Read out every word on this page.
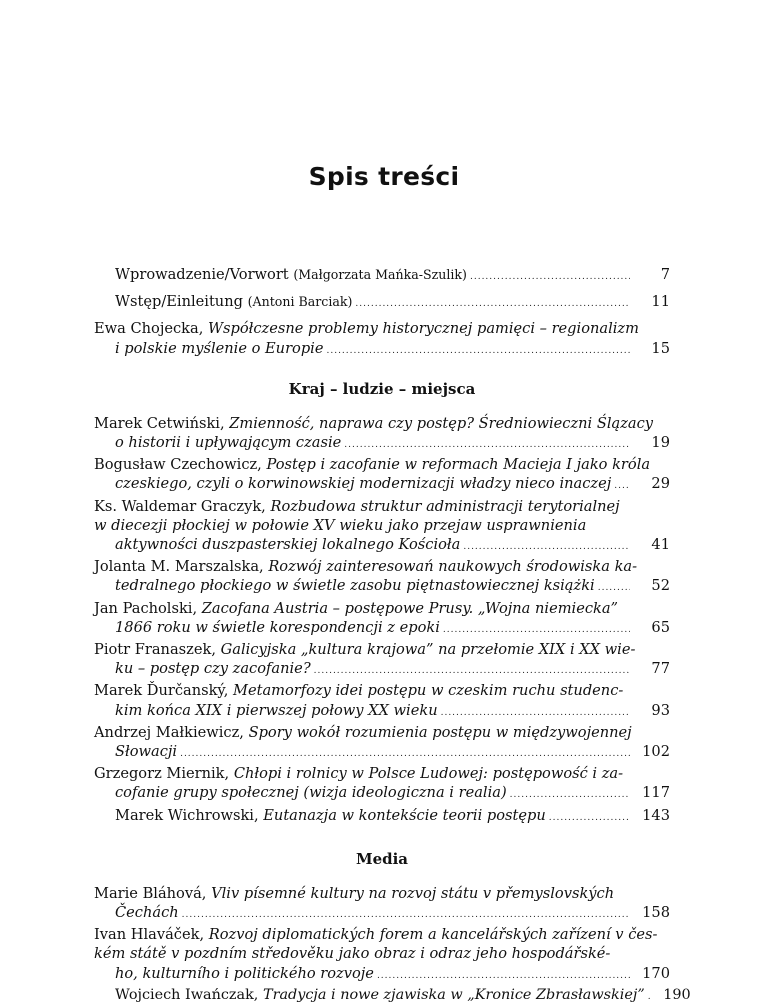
Spis treści
Wprowadzenie/Vorwort (Małgorzata Mańka-Szulik) .....	7
Wstęp/Einleitung (Antoni Barciak) .....	11
Ewa Chojecka, Współczesne problemy historycznej pamięci – regionalizm
i polskie myślenie o Europie .....	15
Kraj – ludzie – miejsca
Marek Cetwiński, Zmienność, naprawa czy postęp? Średniowieczni Ślązacy
o historii i upływającym czasie .....	19
Bogusław Czechowicz, Postęp i zacofanie w reformach Macieja I jako króla
czeskiego, czyli o korwinowskiej modernizacji władzy nieco inaczej .....	29
Ks. Waldemar Graczyk, Rozbudowa struktur administracji terytorialnej
w diecezji płockiej w połowie XV wieku jako przejaw usprawnienia
aktywności duszpasterskiej lokalnego Kościoła .....	41
Jolanta M. Marszalska, Rozwój zainteresowań naukowych środowiska ka-
tedralnego płockiego w świetle zasobu piętnastowiecznej książki .....	52
Jan Pacholski, Zacofana Austria – postępowe Prusy. „Wojna niemiecka”
1866 roku w świetle korespondencji z epoki .....	65
Piotr Franaszek, Galicyjska „kultura krajowa” na przełomie XIX i XX wie-
ku – postęp czy zacofanie? .....	77
Marek Ďurčanský, Metamorfozy idei postępu w czeskim ruchu studenc-
kim końca XIX i pierwszej połowy XX wieku .....	93
Andrzej Małkiewicz, Spory wokół rozumienia postępu w międzywojennej
Słowacji .....	102
Grzegorz Miernik, Chłopi i rolnicy w Polsce Ludowej: postępowość i za-
cofanie grupy społecznej (wizja ideologiczna i realia) .....	117
Marek Wichrowski, Eutanazja w kontekście teorii postępu .....	143
Media
Marie Bláhová, Vliv písemné kultury na rozvoj státu v přemyslovských
Čechách .....	158
Ivan Hlaváček, Rozvoj diplomatických forem a kancelářských zařízení v čes-
kém státě v pozdním středověku jako obraz i odraz jeho hospodářské-
ho, kulturního i politického rozvoje .....	170
Wojciech Iwańczak, Tradycja i nowe zjawiska w „Kronice Zbrasławskiej” .....	190
